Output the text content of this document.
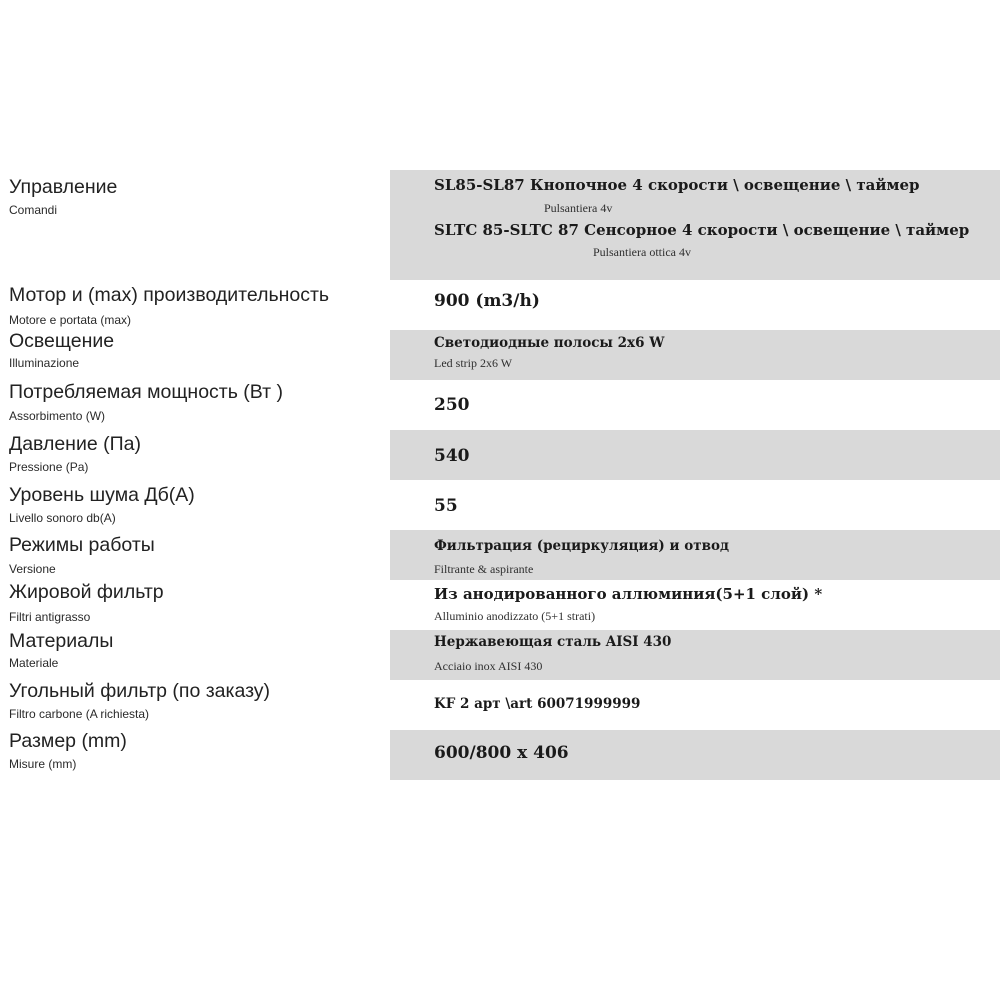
Управление
Comandi
SL85-SL87 Кнопочное 4 скорости \ освещение \ таймер
Pulsantiera 4v
SLTC 85-SLTC 87 Сенсорное 4 скорости \ освещение \ таймер
Pulsantiera ottica 4v
Мотор и (max) производительность
Motore e portata (max)
900 (m3/h)
Освещение
Illuminazione
Светодиодные полосы 2x6 W
Led strip 2x6 W
Потребляемая мощность (Вт )
Assorbimento (W)
250
Давление (Па)
Pressione (Pa)
540
Уровень шума Дб(А)
Livello sonoro db(A)
55
Режимы работы
Versione
Фильтрация (рециркуляция) и отвод
Filtrante & aspirante
Жировой фильтр
Filtri antigrasso
Из анодированного аллюминия(5+1 слой) *
Alluminio anodizzato (5+1 strati)
Материалы
Materiale
Нержавеющая сталь AISI 430
Acciaio inox AISI 430
Угольный фильтр (по заказу)
Filtro carbone (A richiesta)
KF 2 арт \art 60071999999
Размер (mm)
Misure (mm)
600/800 x 406
